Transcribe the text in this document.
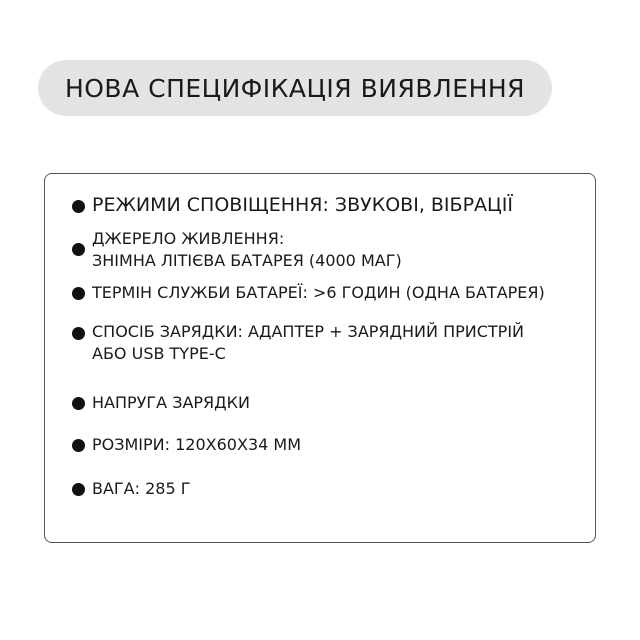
НОВА СПЕЦИФІКАЦІЯ ВИЯВЛЕННЯ
РЕЖИМИ СПОВІЩЕННЯ: ЗВУКОВІ, ВІБРАЦІЇ
ДЖЕРЕЛО ЖИВЛЕННЯ:
ЗНІМНА ЛІТІЄВА БАТАРЕЯ (4000 МАГ)
ТЕРМІН СЛУЖБИ БАТАРЕЇ: >6 ГОДИН (ОДНА БАТАРЕЯ)
СПОСІБ ЗАРЯДКИ: АДАПТЕР + ЗАРЯДНИЙ ПРИСТРІЙ
АБО USB TYPE-C
НАПРУГА ЗАРЯДКИ
РОЗМІРИ: 120Х60Х34 ММ
ВАГА: 285 Г
